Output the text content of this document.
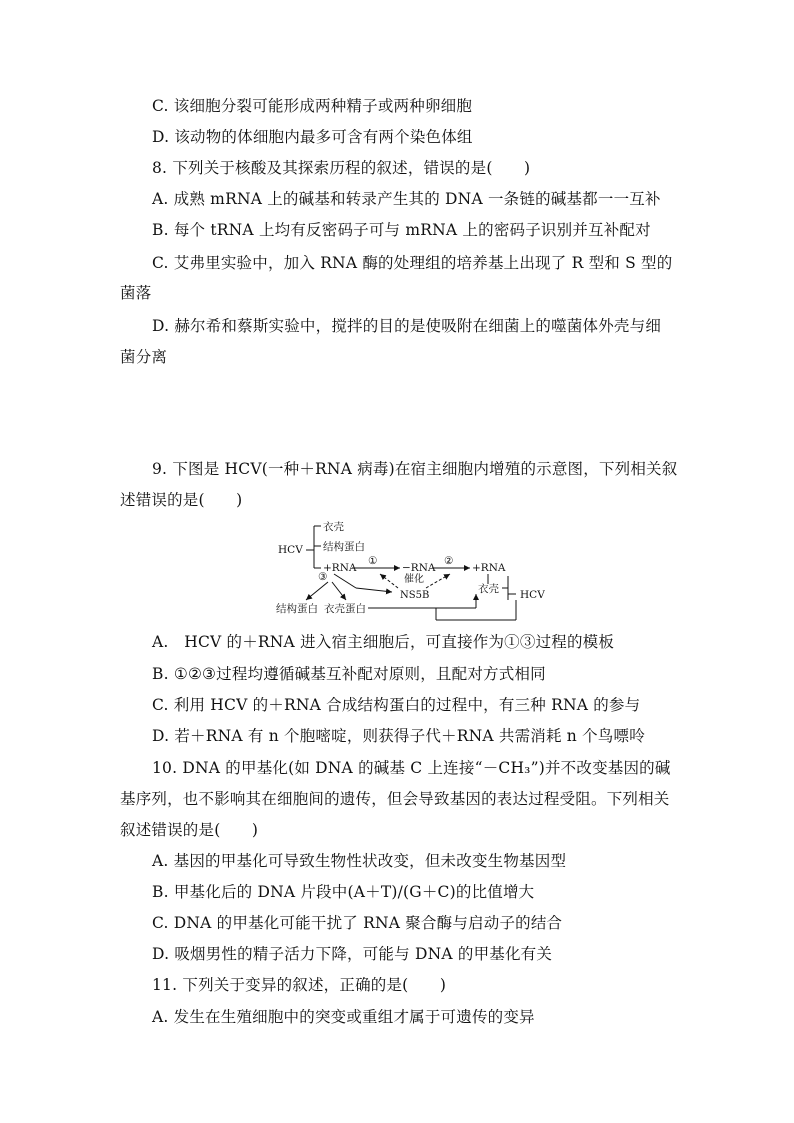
C. 该细胞分裂可能形成两种精子或两种卵细胞
D. 该动物的体细胞内最多可含有两个染色体组
8. 下列关于核酸及其探索历程的叙述，错误的是(　　)
A. 成熟 mRNA 上的碱基和转录产生其的 DNA 一条链的碱基都一一互补
B. 每个 tRNA 上均有反密码子可与 mRNA 上的密码子识别并互补配对
C. 艾弗里实验中，加入 RNA 酶的处理组的培养基上出现了 R 型和 S 型的
菌落
D. 赫尔希和蔡斯实验中，搅拌的目的是使吸附在细菌上的噬菌体外壳与细
菌分离
9. 下图是 HCV(一种＋RNA 病毒)在宿主细胞内增殖的示意图，下列相关叙
述错误的是(　　)
HCV
衣壳
结构蛋白
+RNA
①
−RNA
②
+RNA
催化
NS5B
③
结构蛋白 衣壳蛋白
衣壳 HCV
A.　HCV 的＋RNA 进入宿主细胞后，可直接作为①③过程的模板
B. ①②③过程均遵循碱基互补配对原则，且配对方式相同
C. 利用 HCV 的＋RNA 合成结构蛋白的过程中，有三种 RNA 的参与
D. 若＋RNA 有 n 个胞嘧啶，则获得子代＋RNA 共需消耗 n 个鸟嘌呤
10. DNA 的甲基化(如 DNA 的碱基 C 上连接“－CH₃”)并不改变基因的碱
基序列，也不影响其在细胞间的遗传，但会导致基因的表达过程受阻。下列相关
叙述错误的是(　　)
A. 基因的甲基化可导致生物性状改变，但未改变生物基因型
B. 甲基化后的 DNA 片段中(A＋T)/(G＋C)的比值增大
C. DNA 的甲基化可能干扰了 RNA 聚合酶与启动子的结合
D. 吸烟男性的精子活力下降，可能与 DNA 的甲基化有关
11. 下列关于变异的叙述，正确的是(　　)
A. 发生在生殖细胞中的突变或重组才属于可遗传的变异
